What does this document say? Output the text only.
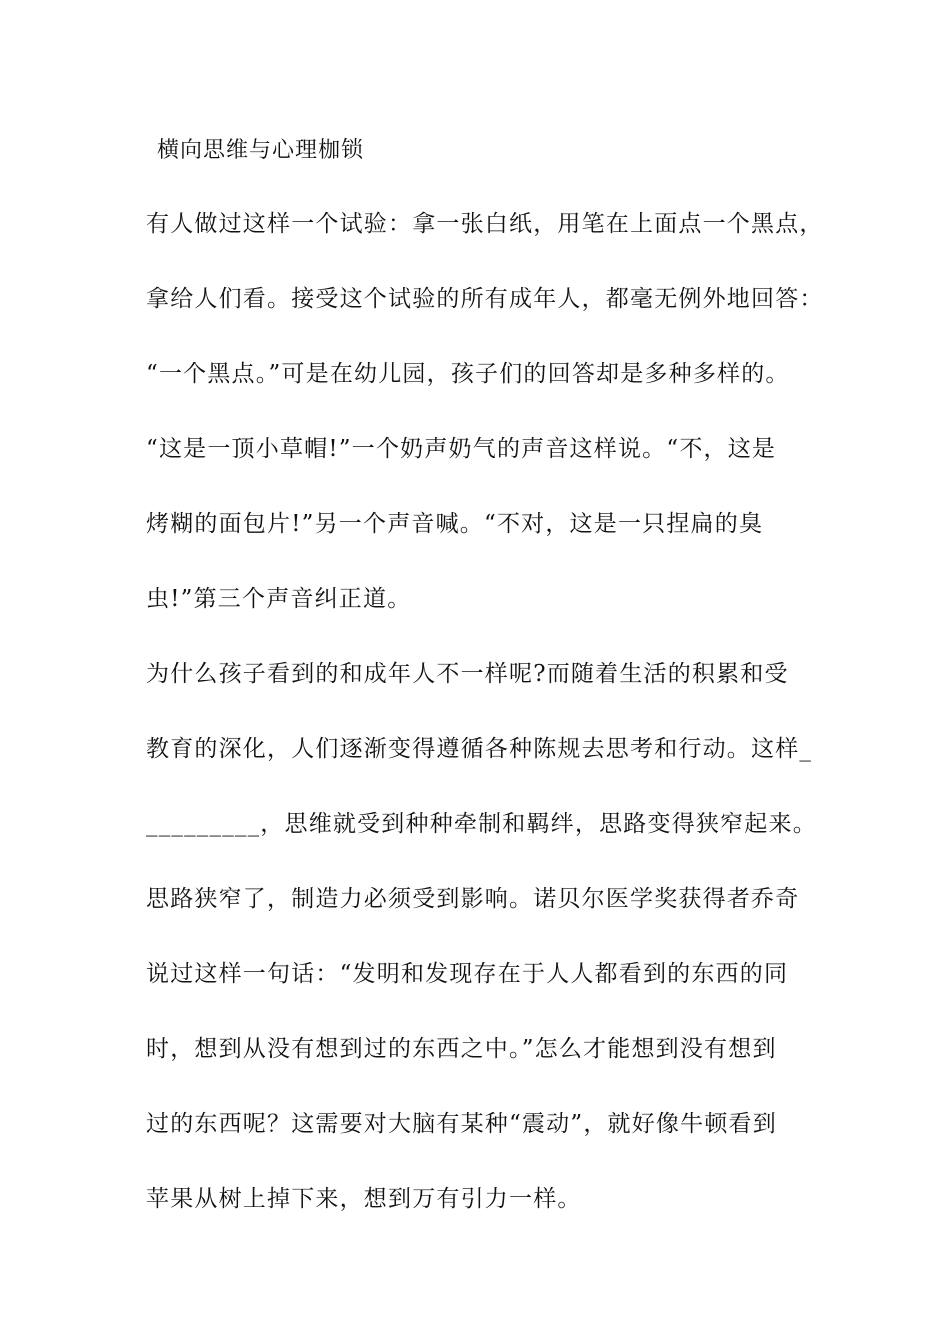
横向思维与心理枷锁
有人做过这样一个试验：拿一张白纸，用笔在上面点一个黑点，
拿给人们看。接受这个试验的所有成年人，都毫无例外地回答：
“一个黑点。”可是在幼儿园，孩子们的回答却是多种多样的。
“这是一顶小草帽!”一个奶声奶气的声音这样说。“不，这是
烤糊的面包片!”另一个声音喊。“不对，这是一只捏扁的臭
虫!”第三个声音纠正道。
为什么孩子看到的和成年人不一样呢?而随着生活的积累和受
教育的深化，人们逐渐变得遵循各种陈规去思考和行动。这样_
_________，思维就受到种种牵制和羁绊，思路变得狭窄起来。
思路狭窄了，制造力必须受到影响。诺贝尔医学奖获得者乔奇
说过这样一句话：“发明和发现存在于人人都看到的东西的同
时，想到从没有想到过的东西之中。”怎么才能想到没有想到
过的东西呢？这需要对大脑有某种“震动”，就好像牛顿看到
苹果从树上掉下来，想到万有引力一样。
